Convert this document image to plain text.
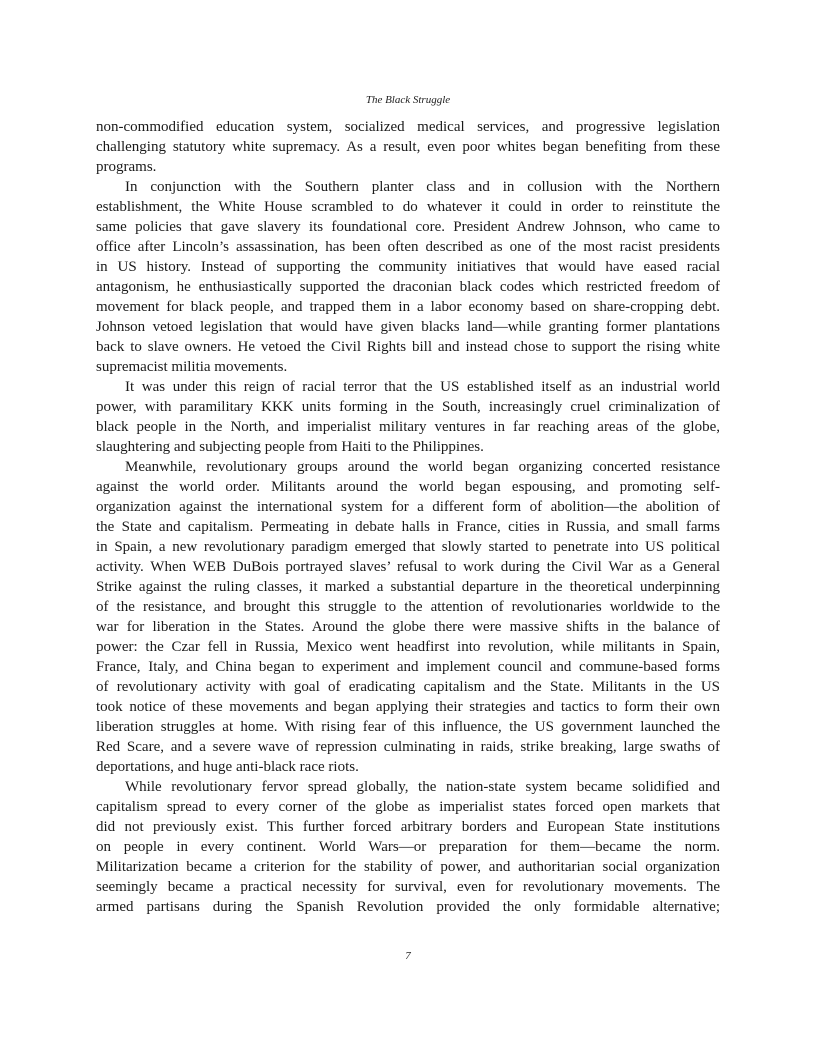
The Black Struggle

non-commodified education system, socialized medical services, and progressive legislation
challenging statutory white supremacy. As a result, even poor whites began benefiting from these
programs.
In conjunction with the Southern planter class and in collusion with the Northern
establishment, the White House scrambled to do whatever it could in order to reinstitute the
same policies that gave slavery its foundational core. President Andrew Johnson, who came to
office after Lincoln’s assassination, has been often described as one of the most racist presidents
in US history. Instead of supporting the community initiatives that would have eased racial
antagonism, he enthusiastically supported the draconian black codes which restricted freedom of
movement for black people, and trapped them in a labor economy based on share-cropping debt.
Johnson vetoed legislation that would have given blacks land—while granting former plantations
back to slave owners. He vetoed the Civil Rights bill and instead chose to support the rising white
supremacist militia movements.
It was under this reign of racial terror that the US established itself as an industrial world
power, with paramilitary KKK units forming in the South, increasingly cruel criminalization of
black people in the North, and imperialist military ventures in far reaching areas of the globe,
slaughtering and subjecting people from Haiti to the Philippines.
Meanwhile, revolutionary groups around the world began organizing concerted resistance
against the world order. Militants around the world began espousing, and promoting self-
organization against the international system for a different form of abolition—the abolition of
the State and capitalism. Permeating in debate halls in France, cities in Russia, and small farms
in Spain, a new revolutionary paradigm emerged that slowly started to penetrate into US political
activity. When WEB DuBois portrayed slaves’ refusal to work during the Civil War as a General
Strike against the ruling classes, it marked a substantial departure in the theoretical underpinning
of the resistance, and brought this struggle to the attention of revolutionaries worldwide to the
war for liberation in the States. Around the globe there were massive shifts in the balance of
power: the Czar fell in Russia, Mexico went headfirst into revolution, while militants in Spain,
France, Italy, and China began to experiment and implement council and commune-based forms
of revolutionary activity with goal of eradicating capitalism and the State. Militants in the US
took notice of these movements and began applying their strategies and tactics to form their own
liberation struggles at home. With rising fear of this influence, the US government launched the
Red Scare, and a severe wave of repression culminating in raids, strike breaking, large swaths of
deportations, and huge anti-black race riots.
While revolutionary fervor spread globally, the nation-state system became solidified and
capitalism spread to every corner of the globe as imperialist states forced open markets that
did not previously exist. This further forced arbitrary borders and European State institutions
on people in every continent. World Wars—or preparation for them—became the norm.
Militarization became a criterion for the stability of power, and authoritarian social organization
seemingly became a practical necessity for survival, even for revolutionary movements. The
armed partisans during the Spanish Revolution provided the only formidable alternative;

7
